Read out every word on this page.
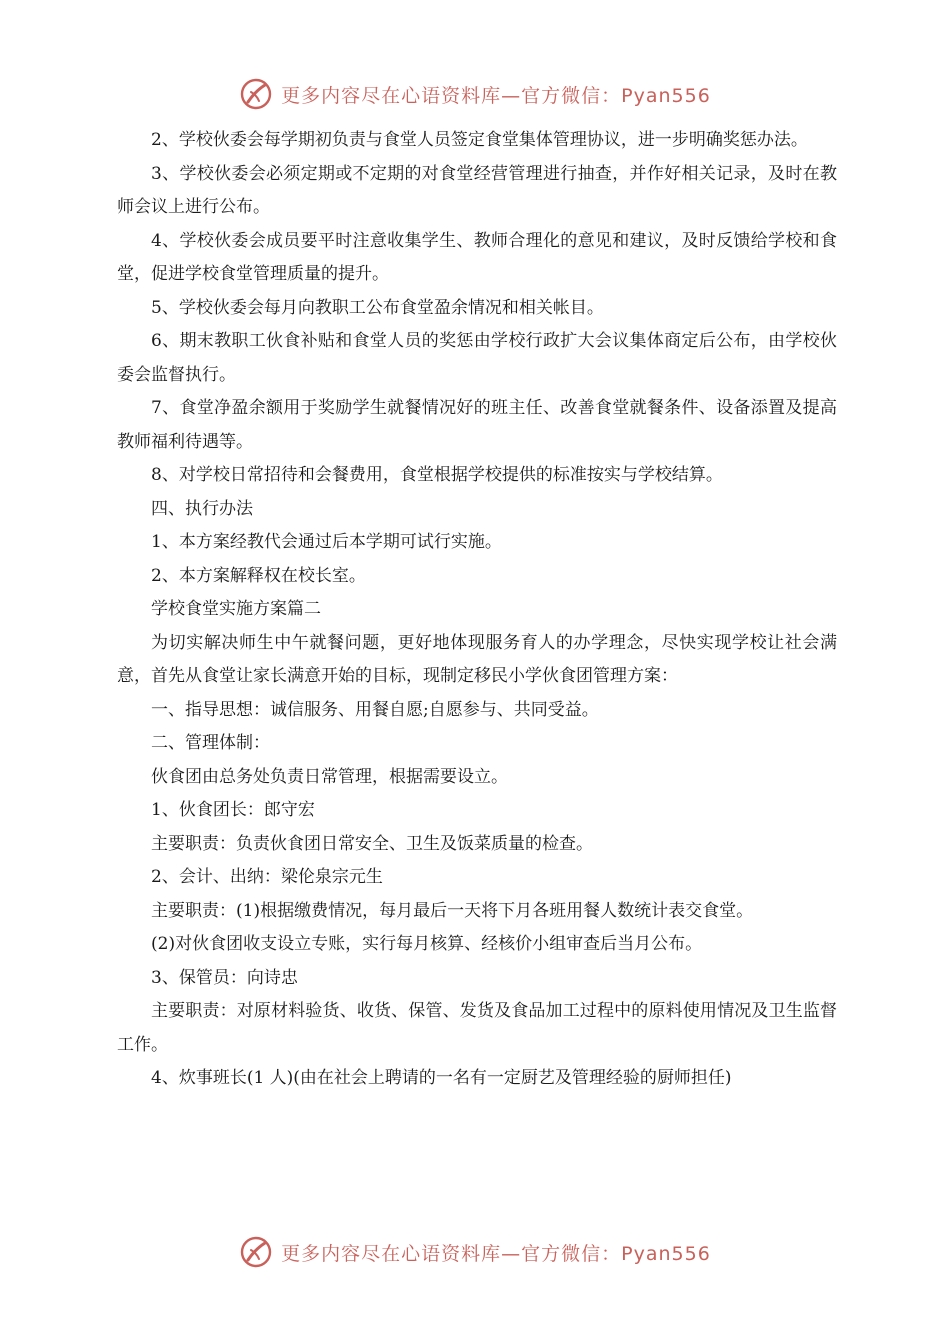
更多内容尽在心语资料库—官方微信：Pyan556

2、学校伙委会每学期初负责与食堂人员签定食堂集体管理协议，进一步明确奖惩办法。

3、学校伙委会必须定期或不定期的对食堂经营管理进行抽查，并作好相关记录，及时在教师会议上进行公布。

4、学校伙委会成员要平时注意收集学生、教师合理化的意见和建议，及时反馈给学校和食堂，促进学校食堂管理质量的提升。

5、学校伙委会每月向教职工公布食堂盈余情况和相关帐目。

6、期末教职工伙食补贴和食堂人员的奖惩由学校行政扩大会议集体商定后公布，由学校伙委会监督执行。

7、食堂净盈余额用于奖励学生就餐情况好的班主任、改善食堂就餐条件、设备添置及提高教师福利待遇等。

8、对学校日常招待和会餐费用，食堂根据学校提供的标准按实与学校结算。

四、执行办法

1、本方案经教代会通过后本学期可试行实施。

2、本方案解释权在校长室。

学校食堂实施方案篇二

为切实解决师生中午就餐问题，更好地体现服务育人的办学理念，尽快实现学校让社会满意，首先从食堂让家长满意开始的目标，现制定移民小学伙食团管理方案：

一、指导思想：诚信服务、用餐自愿;自愿参与、共同受益。

二、管理体制：

伙食团由总务处负责日常管理，根据需要设立。

1、伙食团长：郎守宏

主要职责：负责伙食团日常安全、卫生及饭菜质量的检查。

2、会计、出纳：梁伦泉宗元生

主要职责：(1)根据缴费情况，每月最后一天将下月各班用餐人数统计表交食堂。

(2)对伙食团收支设立专账，实行每月核算、经核价小组审查后当月公布。

3、保管员：向诗忠

主要职责：对原材料验货、收货、保管、发货及食品加工过程中的原料使用情况及卫生监督工作。

4、炊事班长(1 人)(由在社会上聘请的一名有一定厨艺及管理经验的厨师担任)

更多内容尽在心语资料库—官方微信：Pyan556
